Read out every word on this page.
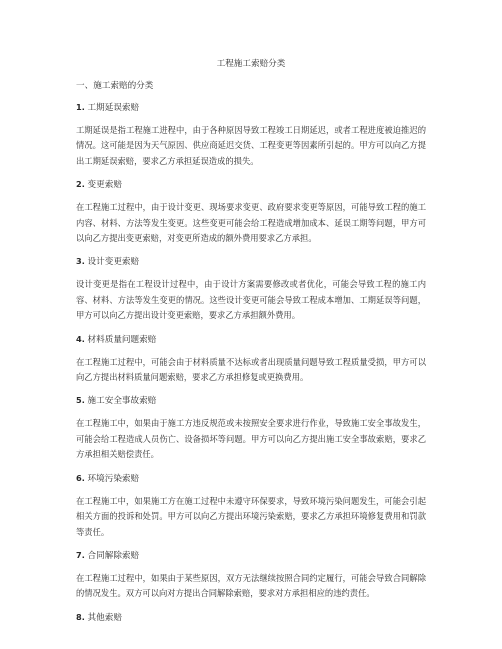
工程施工索赔分类
一、施工索赔的分类
1. 工期延误索赔
工期延误是指工程施工进程中，由于各种原因导致工程竣工日期延迟，或者工程进度被迫推迟的情况。这可能是因为天气原因、供应商延迟交货、工程变更等因素所引起的。甲方可以向乙方提出工期延误索赔，要求乙方承担延误造成的损失。
2. 变更索赔
在工程施工过程中，由于设计变更、现场要求变更、政府要求变更等原因，可能导致工程的施工内容、材料、方法等发生变更。这些变更可能会给工程造成增加成本、延误工期等问题，甲方可以向乙方提出变更索赔，对变更所造成的额外费用要求乙方承担。
3. 设计变更索赔
设计变更是指在工程设计过程中，由于设计方案需要修改或者优化，可能会导致工程的施工内容、材料、方法等发生变更的情况。这些设计变更可能会导致工程成本增加、工期延误等问题，甲方可以向乙方提出设计变更索赔，要求乙方承担额外费用。
4. 材料质量问题索赔
在工程施工过程中，可能会由于材料质量不达标或者出现质量问题导致工程质量受损，甲方可以向乙方提出材料质量问题索赔，要求乙方承担修复或更换费用。
5. 施工安全事故索赔
在工程施工中，如果由于施工方违反规范或未按照安全要求进行作业，导致施工安全事故发生，可能会给工程造成人员伤亡、设备损坏等问题。甲方可以向乙方提出施工安全事故索赔，要求乙方承担相关赔偿责任。
6. 环境污染索赔
在工程施工中，如果施工方在施工过程中未遵守环保要求，导致环境污染问题发生，可能会引起相关方面的投诉和处罚。甲方可以向乙方提出环境污染索赔，要求乙方承担环境修复费用和罚款等责任。
7. 合同解除索赔
在工程施工过程中，如果由于某些原因，双方无法继续按照合同约定履行，可能会导致合同解除的情况发生。双方可以向对方提出合同解除索赔，要求对方承担相应的违约责任。
8. 其他索赔
